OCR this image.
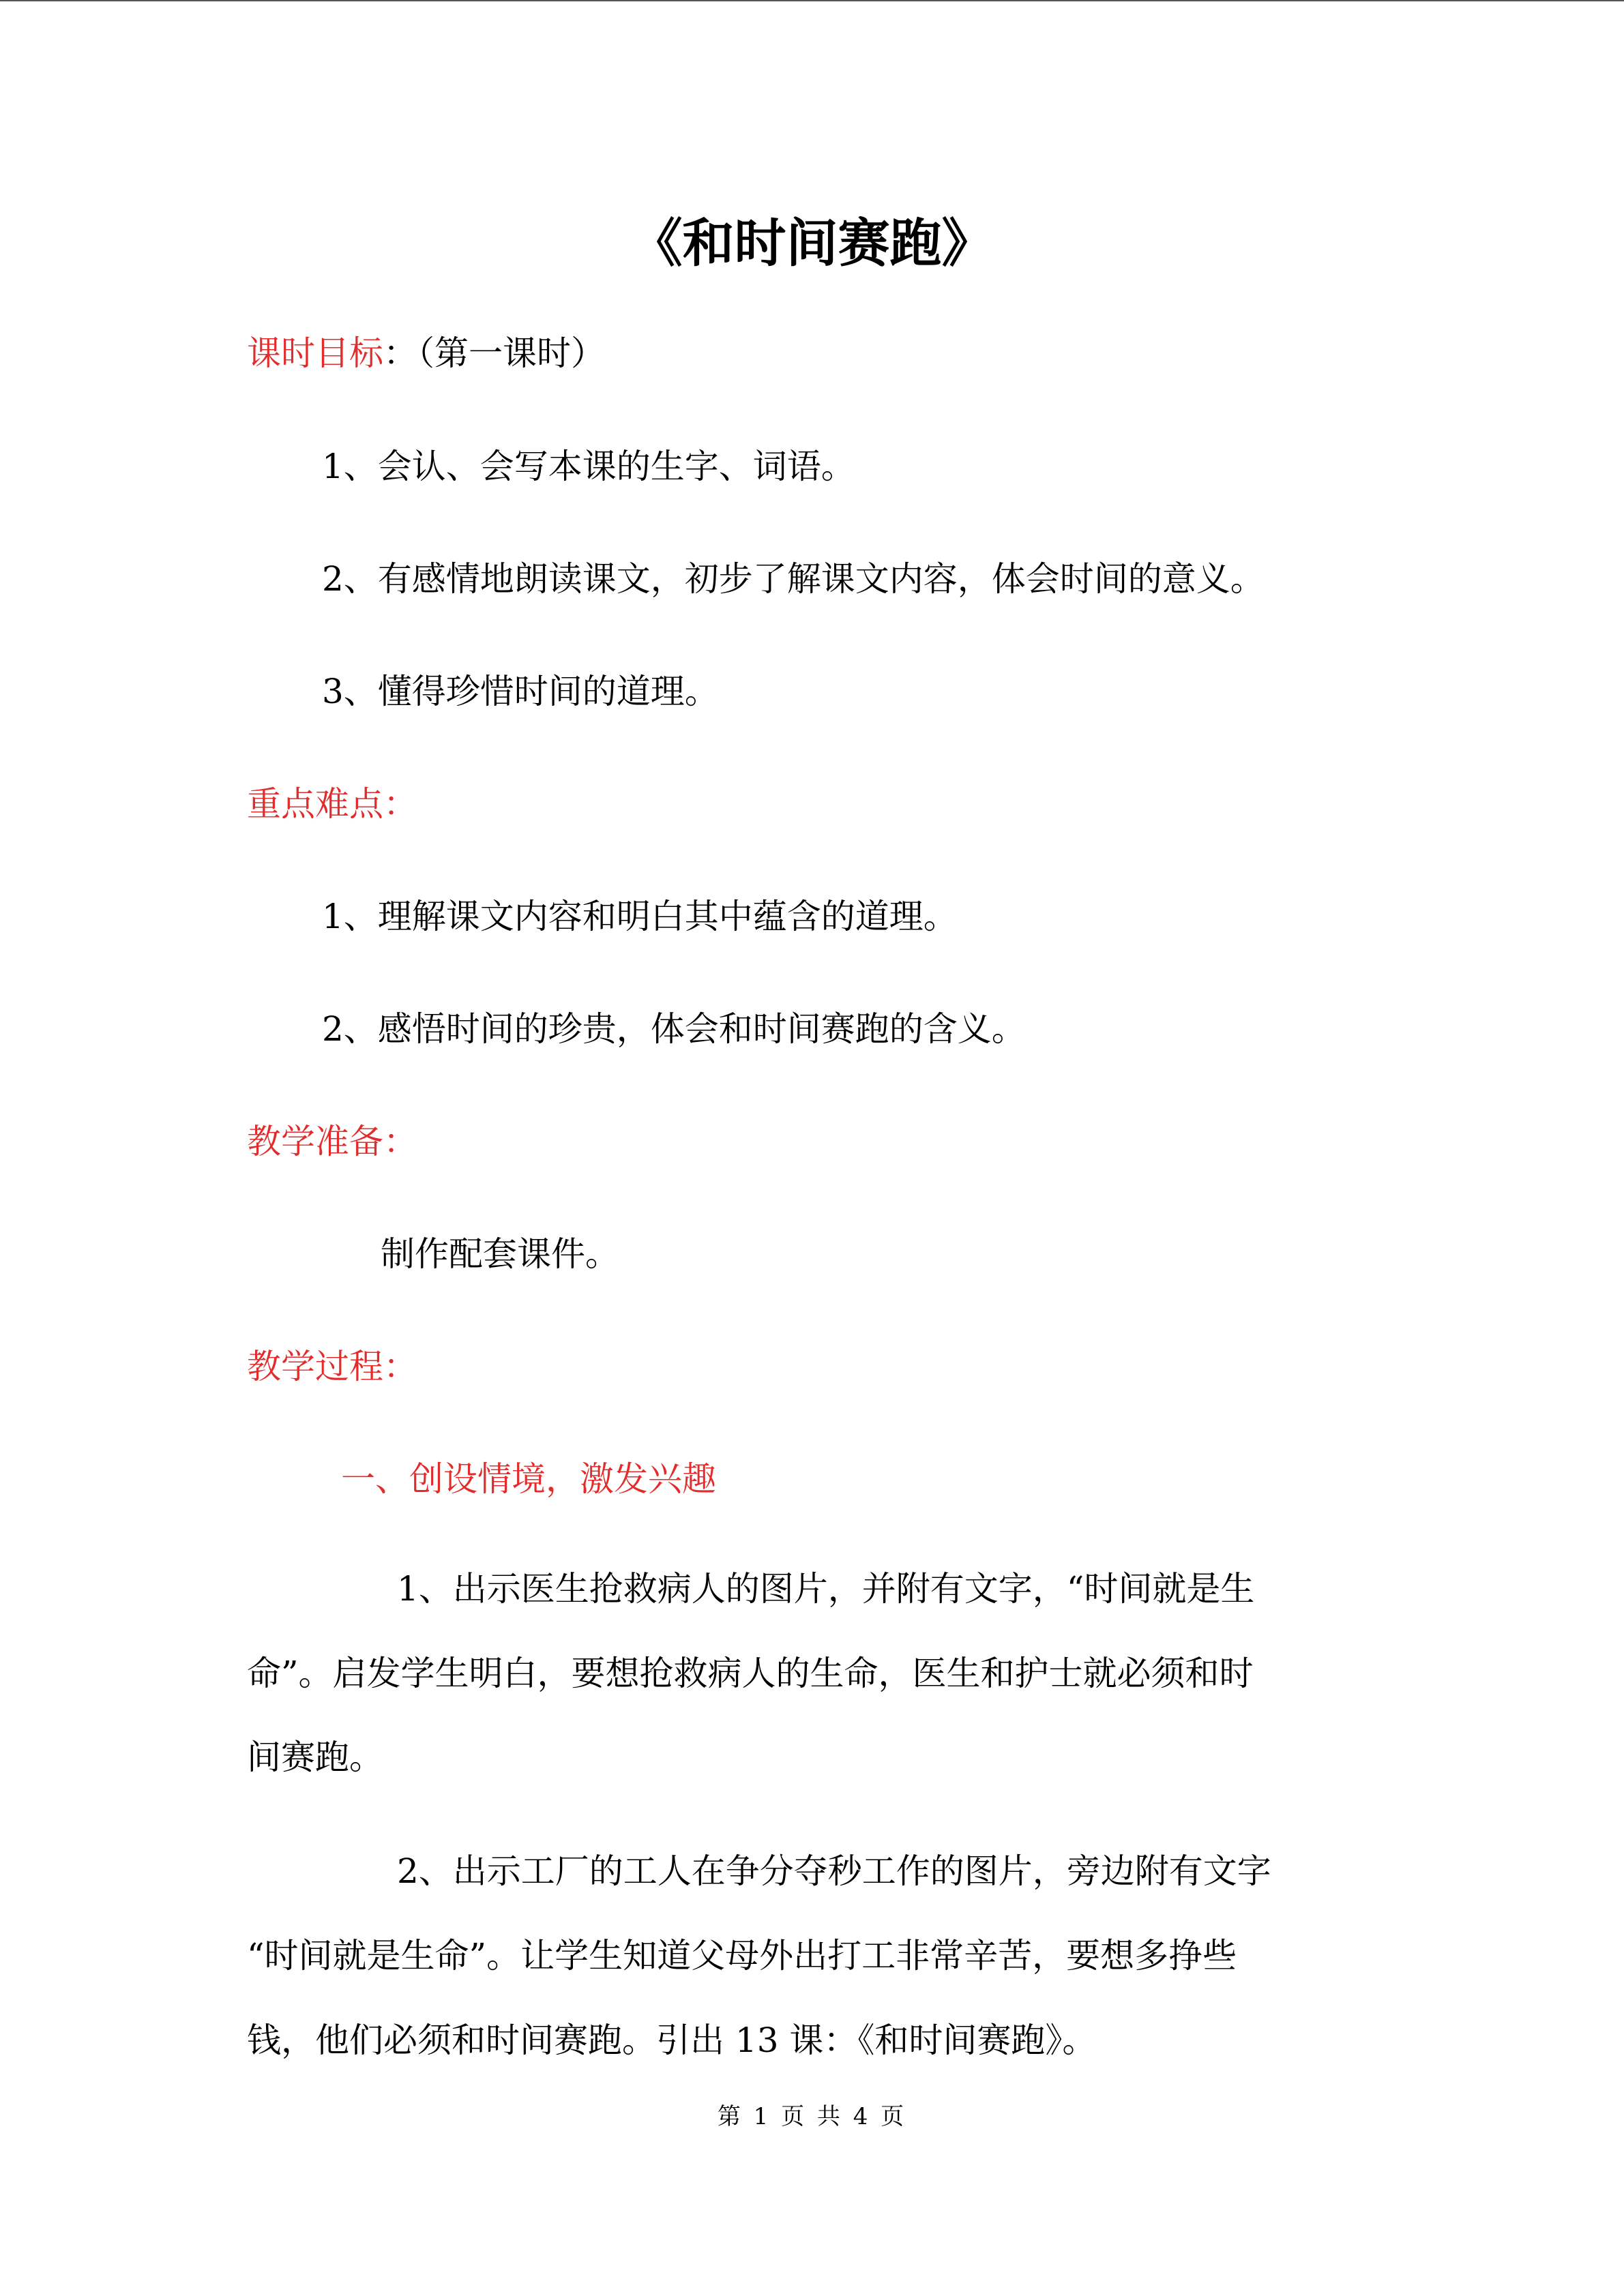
《和时间赛跑》
课时目标：（第一课时）
1、会认、会写本课的生字、词语。
2、有感情地朗读课文，初步了解课文内容，体会时间的意义。
3、懂得珍惜时间的道理。
重点难点：
1、理解课文内容和明白其中蕴含的道理。
2、感悟时间的珍贵，体会和时间赛跑的含义。
教学准备：
制作配套课件。
教学过程：
一、创设情境，激发兴趣
1、出示医生抢救病人的图片，并附有文字，“时间就是生
命”。启发学生明白，要想抢救病人的生命，医生和护士就必须和时
间赛跑。
2、出示工厂的工人在争分夺秒工作的图片，旁边附有文字
“时间就是生命”。让学生知道父母外出打工非常辛苦，要想多挣些
钱，他们必须和时间赛跑。引出 13 课：《和时间赛跑》。
第 1 页 共 4 页
